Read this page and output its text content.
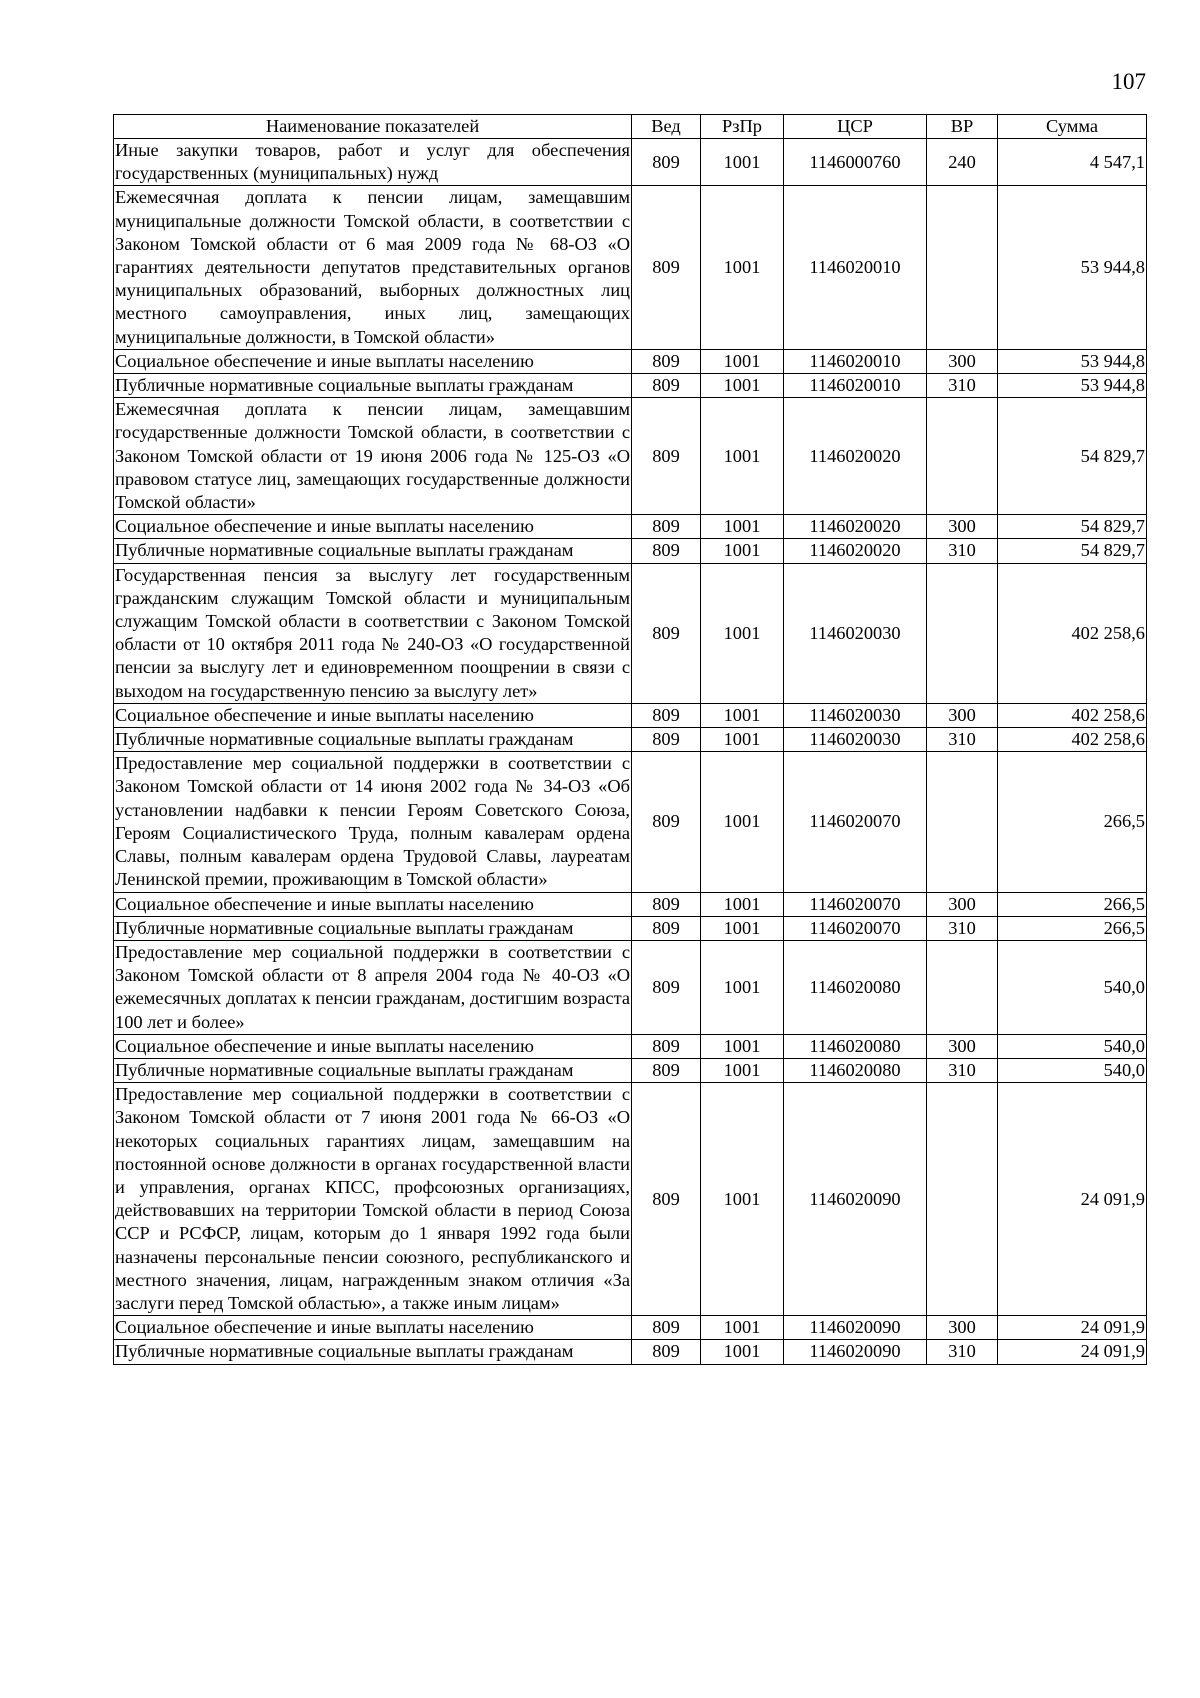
107
Наименование показателей	Вед	РзПр	ЦСР	ВР	Сумма
Иные закупки товаров, работ и услуг для обеспечения государственных (муниципальных) нужд	809	1001	1146000760	240	4 547,1
Ежемесячная доплата к пенсии лицам, замещавшим муниципальные должности Томской области, в соответствии с Законом Томской области от 6 мая 2009 года № 68-ОЗ «О гарантиях деятельности депутатов представительных органов муниципальных образований, выборных должностных лиц местного самоуправления, иных лиц, замещающих муниципальные должности, в Томской области»	809	1001	1146020010		53 944,8
Социальное обеспечение и иные выплаты населению	809	1001	1146020010	300	53 944,8
Публичные нормативные социальные выплаты гражданам	809	1001	1146020010	310	53 944,8
Ежемесячная доплата к пенсии лицам, замещавшим государственные должности Томской области, в соответствии с Законом Томской области от 19 июня 2006 года № 125-ОЗ «О правовом статусе лиц, замещающих государственные должности Томской области»	809	1001	1146020020		54 829,7
Социальное обеспечение и иные выплаты населению	809	1001	1146020020	300	54 829,7
Публичные нормативные социальные выплаты гражданам	809	1001	1146020020	310	54 829,7
Государственная пенсия за выслугу лет государственным гражданским служащим Томской области и муниципальным служащим Томской области в соответствии с Законом Томской области от 10 октября 2011 года № 240-ОЗ «О государственной пенсии за выслугу лет и единовременном поощрении в связи с выходом на государственную пенсию за выслугу лет»	809	1001	1146020030		402 258,6
Социальное обеспечение и иные выплаты населению	809	1001	1146020030	300	402 258,6
Публичные нормативные социальные выплаты гражданам	809	1001	1146020030	310	402 258,6
Предоставление мер социальной поддержки в соответствии с Законом Томской области от 14 июня 2002 года № 34-ОЗ «Об установлении надбавки к пенсии Героям Советского Союза, Героям Социалистического Труда, полным кавалерам ордена Славы, полным кавалерам ордена Трудовой Славы, лауреатам Ленинской премии, проживающим в Томской области»	809	1001	1146020070		266,5
Социальное обеспечение и иные выплаты населению	809	1001	1146020070	300	266,5
Публичные нормативные социальные выплаты гражданам	809	1001	1146020070	310	266,5
Предоставление мер социальной поддержки в соответствии с Законом Томской области от 8 апреля 2004 года № 40-ОЗ «О ежемесячных доплатах к пенсии гражданам, достигшим возраста 100 лет и более»	809	1001	1146020080		540,0
Социальное обеспечение и иные выплаты населению	809	1001	1146020080	300	540,0
Публичные нормативные социальные выплаты гражданам	809	1001	1146020080	310	540,0
Предоставление мер социальной поддержки в соответствии с Законом Томской области от 7 июня 2001 года № 66-ОЗ «О некоторых социальных гарантиях лицам, замещавшим на постоянной основе должности в органах государственной власти и управления, органах КПСС, профсоюзных организациях, действовавших на территории Томской области в период Союза ССР и РСФСР, лицам, которым до 1 января 1992 года были назначены персональные пенсии союзного, республиканского и местного значения, лицам, награжденным знаком отличия «За заслуги перед Томской областью», а также иным лицам»	809	1001	1146020090		24 091,9
Социальное обеспечение и иные выплаты населению	809	1001	1146020090	300	24 091,9
Публичные нормативные социальные выплаты гражданам	809	1001	1146020090	310	24 091,9
